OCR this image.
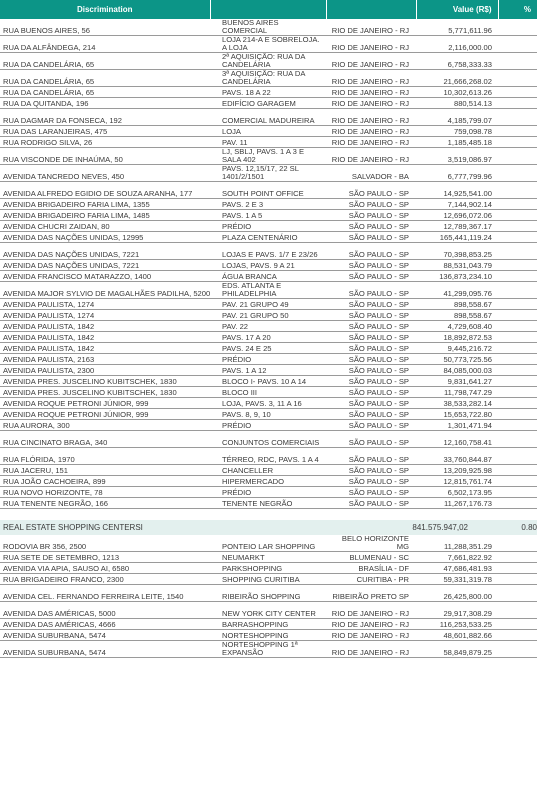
Discrimination			Value (R$)	%
RUA BUENOS AIRES, 56	BUENOS AIRES COMERCIAL	RIO DE JANEIRO - RJ	5,771,611.96	
RUA DA ALFÂNDEGA, 214	LOJA 214-A E SOBRELOJA. A LOJA	RIO DE JANEIRO - RJ	2,116,000.00	
RUA DA CANDELÁRIA, 65	2ª AQUISIÇÃO: RUA DA CANDELÁRIA	RIO DE JANEIRO - RJ	6,758,333.33	
RUA DA CANDELÁRIA, 65	3ª AQUISIÇÃO: RUA DA CANDELÁRIA	RIO DE JANEIRO - RJ	21,666,268.02	
RUA DA CANDELÁRIA, 65	PAVS. 18 A 22	RIO DE JANEIRO - RJ	10,302,613.26	
RUA DA QUITANDA, 196	EDIFÍCIO GARAGEM	RIO DE JANEIRO - RJ	880,514.13	
RUA DAGMAR DA FONSECA, 192	COMERCIAL MADUREIRA	RIO DE JANEIRO - RJ	4,185,799.07	
RUA DAS LARANJEIRAS, 475	LOJA	RIO DE JANEIRO - RJ	759,098.78	
RUA RODRIGO SILVA, 26	PAV. 11	RIO DE JANEIRO - RJ	1,185,485.18	
RUA VISCONDE DE INHAÚMA, 50	LJ, SBLJ, PAVS. 1 A 3 E SALA 402	RIO DE JANEIRO - RJ	3,519,086.97	
AVENIDA TANCREDO NEVES, 450	PAVS. 12,15/17, 22 SL 1401/2/1501	SALVADOR - BA	6,777,799.96	
AVENIDA ALFREDO EGIDIO DE SOUZA ARANHA, 177	SOUTH POINT OFFICE	SÃO PAULO - SP	14,925,541.00	
AVENIDA BRIGADEIRO FARIA LIMA, 1355	PAVS. 2 E 3	SÃO PAULO - SP	7,144,902.14	
AVENIDA BRIGADEIRO FARIA LIMA, 1485	PAVS. 1 A 5	SÃO PAULO - SP	12,696,072.06	
AVENIDA CHUCRI ZAIDAN, 80	PRÉDIO	SÃO PAULO - SP	12,789,367.17	
AVENIDA DAS NAÇÕES UNIDAS, 12995	PLAZA CENTENÁRIO	SÃO PAULO - SP	165,441,119.24	
AVENIDA DAS NAÇÕES UNIDAS, 7221	LOJAS E PAVS. 1/7 E 23/26	SÃO PAULO - SP	70,398,853.25	
AVENIDA DAS NAÇÕES UNIDAS, 7221	LOJAS, PAVS. 9 A 21	SÃO PAULO - SP	88,531,043.79	
AVENIDA FRANCISCO MATARAZZO, 1400	ÁGUA BRANCA	SÃO PAULO - SP	136,873,234.10	
AVENIDA MAJOR SYLVIO DE MAGALHÃES PADILHA, 5200	EDS. ATLANTA E PHILADELPHIA	SÃO PAULO - SP	41,299,095.76	
AVENIDA PAULISTA, 1274	PAV. 21 GRUPO 49	SÃO PAULO - SP	898,558.67	
AVENIDA PAULISTA, 1274	PAV. 21 GRUPO 50	SÃO PAULO - SP	898,558.67	
AVENIDA PAULISTA, 1842	PAV. 22	SÃO PAULO - SP	4,729,608.40	
AVENIDA PAULISTA, 1842	PAVS. 17 A 20	SÃO PAULO - SP	18,892,872.53	
AVENIDA PAULISTA, 1842	PAVS. 24 E 25	SÃO PAULO - SP	9,445,216.72	
AVENIDA PAULISTA, 2163	PRÉDIO	SÃO PAULO - SP	50,773,725.56	
AVENIDA PAULISTA, 2300	PAVS. 1 A 12	SÃO PAULO - SP	84,085,000.03	
AVENIDA PRES. JUSCELINO KUBITSCHEK, 1830	BLOCO I- PAVS. 10 A 14	SÃO PAULO - SP	9,831,641.27	
AVENIDA PRES. JUSCELINO KUBITSCHEK, 1830	BLOCO III	SÃO PAULO - SP	11,798,747.29	
AVENIDA ROQUE PETRONI JÚNIOR, 999	LOJA, PAVS. 3, 11 A 16	SÃO PAULO - SP	38,533,282.14	
AVENIDA ROQUE PETRONI JÚNIOR, 999	PAVS. 8, 9, 10	SÃO PAULO - SP	15,653,722.80	
RUA AURORA, 300	PRÉDIO	SÃO PAULO - SP	1,301,471.94	
RUA CINCINATO BRAGA, 340	CONJUNTOS COMERCIAIS	SÃO PAULO - SP	12,160,758.41	
RUA FLÓRIDA, 1970	TÉRREO, RDC, PAVS. 1 A 4	SÃO PAULO - SP	33,760,844.87	
RUA JACERU, 151	CHANCELLER	SÃO PAULO - SP	13,209,925.98	
RUA JOÃO CACHOEIRA, 899	HIPERMERCADO	SÃO PAULO - SP	12,815,761.74	
RUA NOVO HORIZONTE, 78	PRÉDIO	SÃO PAULO - SP	6,502,173.95	
RUA TENENTE NEGRÃO, 166	TENENTE NEGRÃO	SÃO PAULO - SP	11,267,176.73	

REAL ESTATE SHOPPING CENTERSI		841.575.947,02		0.80
RODOVIA BR 356, 2500	PONTEIO LAR SHOPPING	BELO HORIZONTE MG	11,288,351.29	
RUA SETE DE SETEMBRO, 1213	NEUMARKT	BLUMENAU - SC	7,661,822.92	
AVENIDA VIA APIA, SAUSO AI, 6580	PARKSHOPPING	BRASÍLIA - DF	47,686,481.93	
RUA BRIGADEIRO FRANCO, 2300	SHOPPING CURITIBA	CURITIBA - PR	59,331,319.78	
AVENIDA CEL. FERNANDO FERREIRA LEITE, 1540	RIBEIRÃO SHOPPING	RIBEIRÃO PRETO SP	26,425,800.00	
AVENIDA DAS AMÉRICAS, 5000	NEW YORK CITY CENTER	RIO DE JANEIRO - RJ	29,917,308.29	
AVENIDA DAS AMÉRICAS, 4666	BARRASHOPPING	RIO DE JANEIRO - RJ	116,253,533.25	
AVENIDA SUBURBANA, 5474	NORTESHOPPING	RIO DE JANEIRO - RJ	48,601,882.66	
AVENIDA SUBURBANA, 5474	NORTESHOPPING 1ª EXPANSÃO	RIO DE JANEIRO - RJ	58,849,879.25	
